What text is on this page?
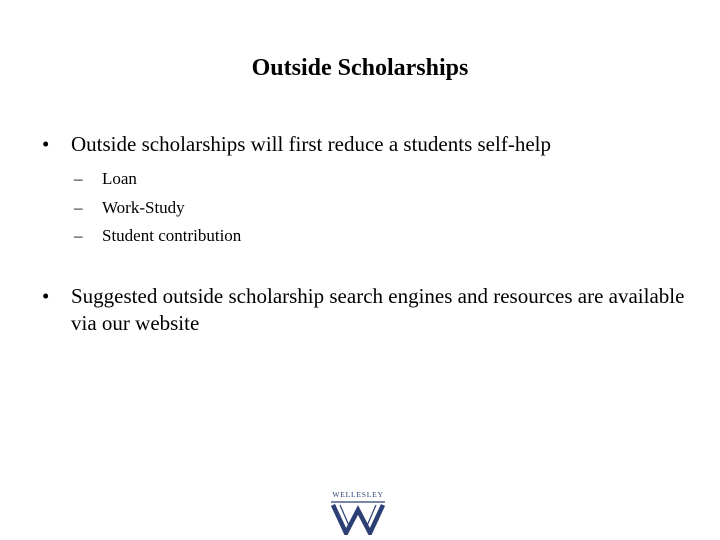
Outside Scholarships
•	Outside scholarships will first reduce a students self-help
– Loan
– Work-Study
– Student contribution
•	Suggested outside scholarship search engines and resources are available via our website
WELLESLEY
